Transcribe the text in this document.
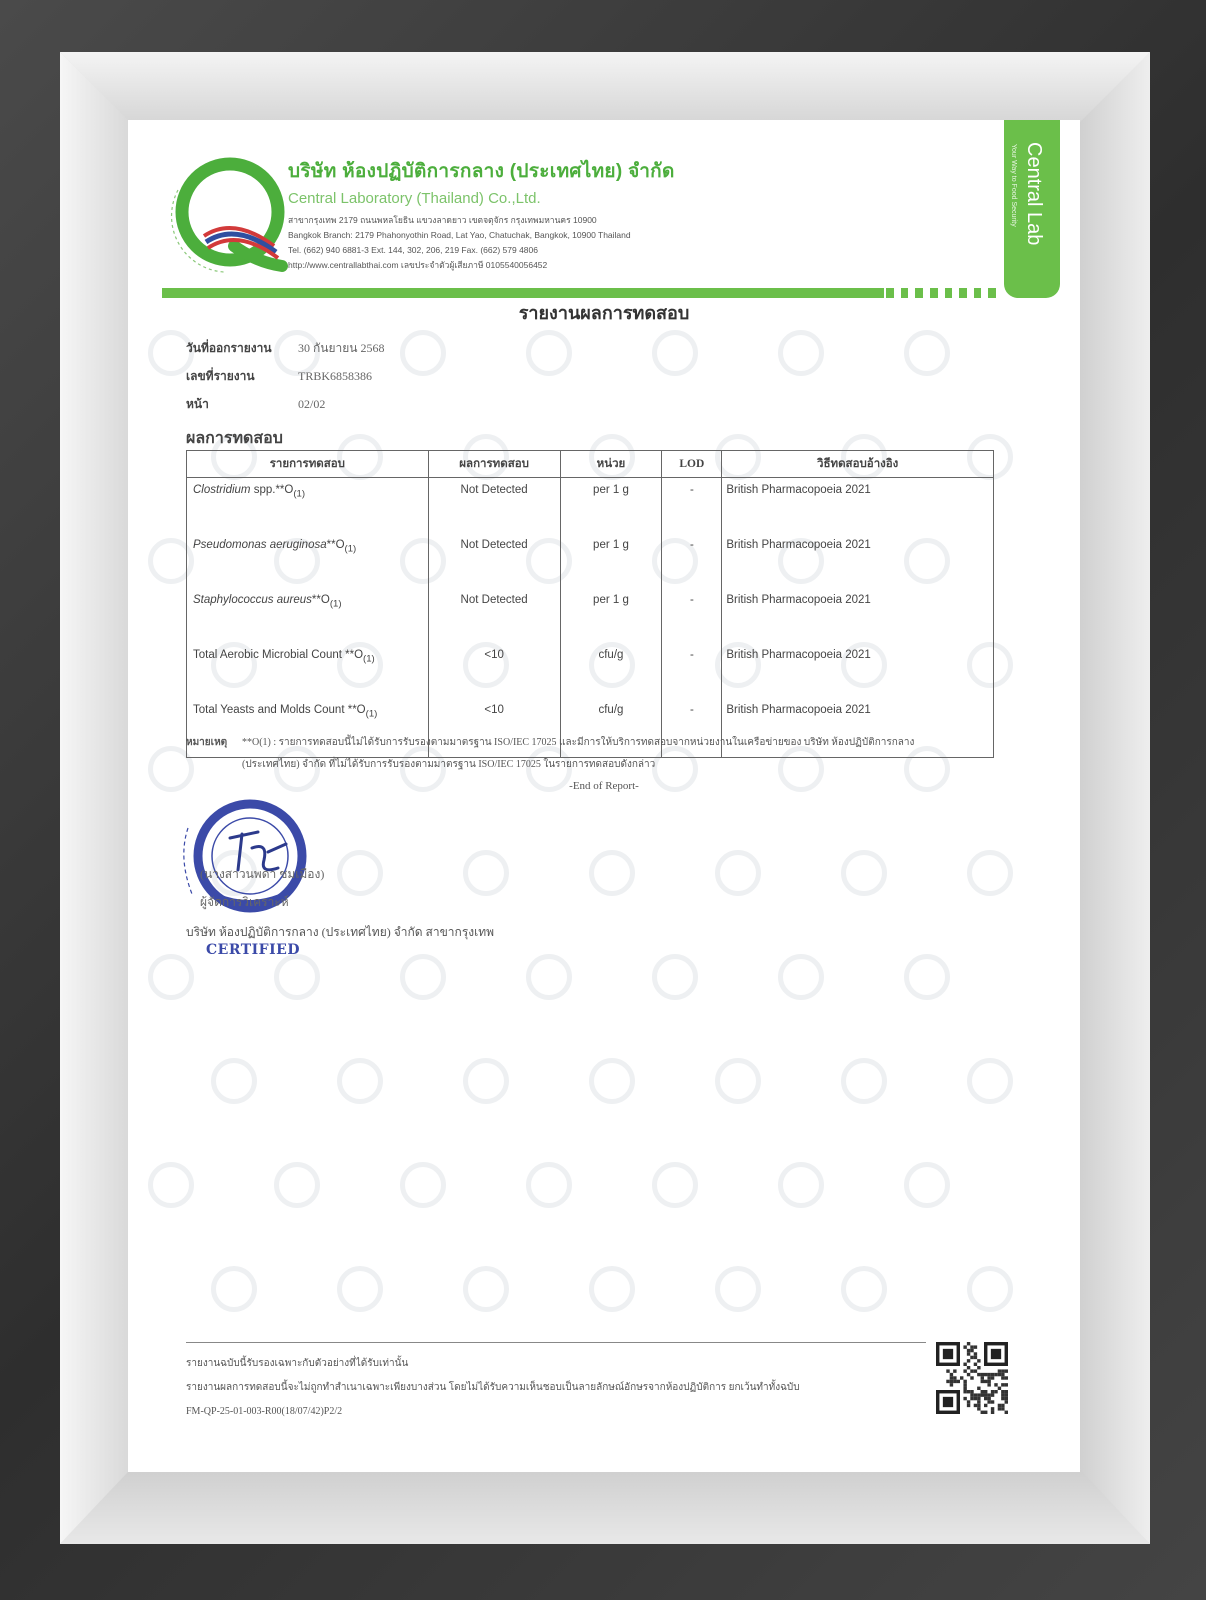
บริษัท ห้องปฏิบัติการกลาง (ประเทศไทย) จำกัด
Central Laboratory (Thailand) Co.,Ltd.
สาขากรุงเทพ 2179 ถนนพหลโยธิน แขวงลาดยาว เขตจตุจักร กรุงเทพมหานคร 10900
Bangkok Branch: 2179 Phahonyothin Road, Lat Yao, Chatuchak, Bangkok, 10900 Thailand
Tel. (662) 940 6881-3 Ext. 144, 302, 206, 219 Fax. (662) 579 4806
http://www.centrallabthai.com เลขประจำตัวผู้เสียภาษี 0105540056452
Your Way to Food Security Central Lab
รายงานผลการทดสอบ
วันที่ออกรายงาน	30 กันยายน 2568
เลขที่รายงาน	TRBK6858386
หน้า	02/02
ผลการทดสอบ
รายการทดสอบ	ผลการทดสอบ	หน่วย	LOD	วิธีทดสอบอ้างอิง
Clostridium $spp.**O_{(1)}$	Not Detected	per 1 g	-	British Pharmacopoeia 2021
Pseudomonas $aeruginosa**O_{(1)}$	Not Detected	per 1 g	-	British Pharmacopoeia 2021
Staphylococcus $aureus**O_{(1)}$	Not Detected	per 1 g	-	British Pharmacopoeia 2021
Total Aerobic Microbial Count $**O_{(1)}$	<10	cfu/g	-	British Pharmacopoeia 2021
Total Yeasts and Molds Count $**O_{(1)}$	<10	cfu/g	-	British Pharmacopoeia 2021
หมายเหตุ **O(1) : รายการทดสอบนี้ไม่ได้รับการรับรองตามมาตรฐาน ISO/IEC 17025 และมีการให้บริการทดสอบจากหน่วยงานในเครือข่ายของ บริษัท ห้องปฏิบัติการกลาง
(ประเทศไทย) จำกัด ที่ไม่ได้รับการรับรองตามมาตรฐาน ISO/IEC 17025 ในรายการทดสอบดังกล่าว
-End of Report-
(นางสาวนพดา ชมเมือง)
ผู้จัดการวิเคราะห์
บริษัท ห้องปฏิบัติการกลาง (ประเทศไทย) จำกัด สาขากรุงเทพ
CERTIFIED
รายงานฉบับนี้รับรองเฉพาะกับตัวอย่างที่ได้รับเท่านั้น
รายงานผลการทดสอบนี้จะไม่ถูกทำสำเนาเฉพาะเพียงบางส่วน โดยไม่ได้รับความเห็นชอบเป็นลายลักษณ์อักษรจากห้องปฏิบัติการ ยกเว้นทำทั้งฉบับ
FM-QP-25-01-003-R00(18/07/42)P2/2
